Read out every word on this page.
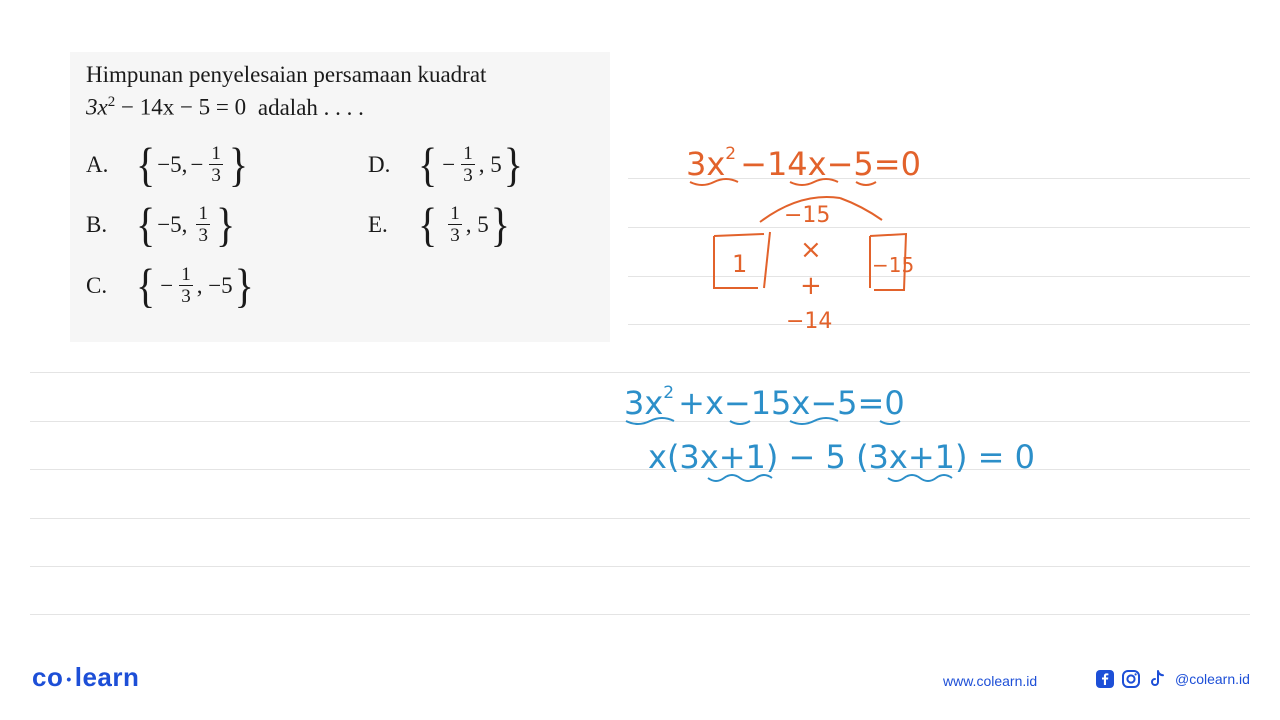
Himpunan penyelesaian persamaan kuadrat
$3x^2 - 14x - 5 = 0$ adalah . . . .
A. { −5, − $\frac{1}{3}$ }
B. { −5, $\frac{1}{3}$ }
C. { − $\frac{1}{3}$ , −5 }
D. { − $\frac{1}{3}$ , 5 }
E. { $\frac{1}{3}$ , 5 }
$3x^2 -14x-5=0$
−15
1 ×
+
−14
−15
$3x^2 +x-15x-5=0$
x(3x+1) − 5 (3x+1) = 0
co • learn	www.colearn.id	@colearn.id
